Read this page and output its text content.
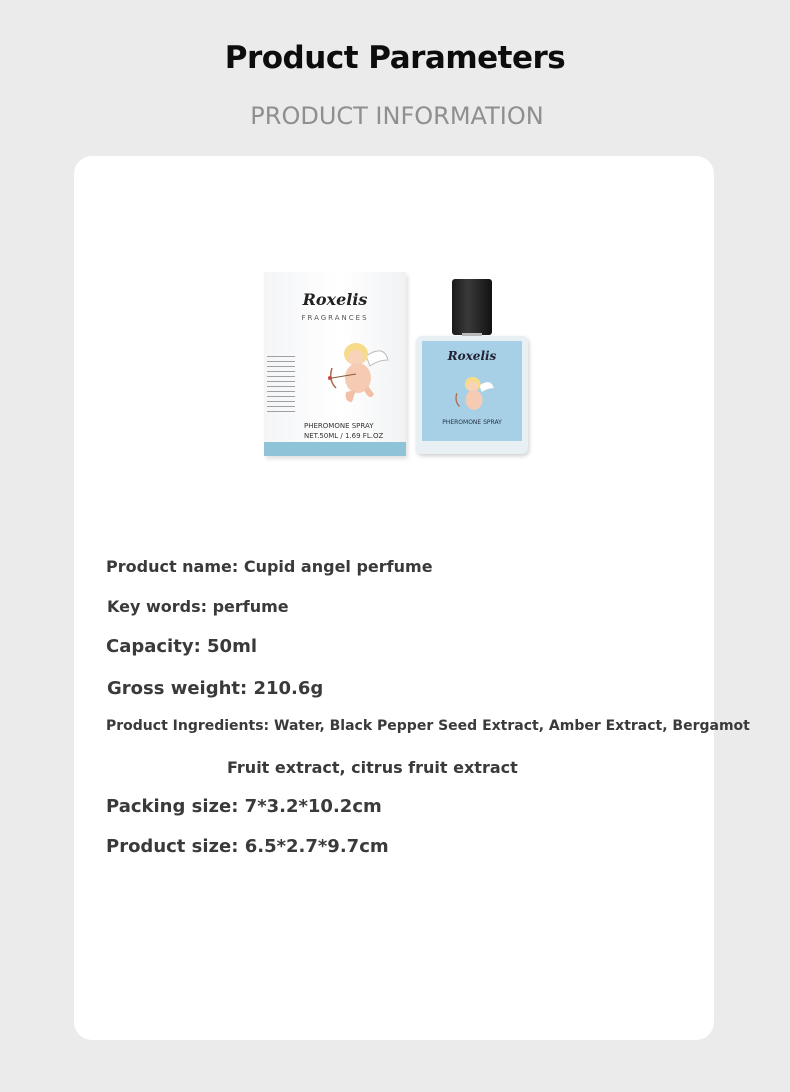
Product Parameters
PRODUCT INFORMATION
Roxelis
FRAGRANCES
PHEROMONE SPRAY
NET.50ML / 1.69 FL.OZ
Roxelis
PHEROMONE SPRAY
Product name: Cupid angel perfume
Key words: perfume
Capacity: 50ml
Gross weight: 210.6g
Product Ingredients: Water, Black Pepper Seed Extract, Amber Extract, Bergamot
Fruit extract, citrus fruit extract
Packing size: 7*3.2*10.2cm
Product size: 6.5*2.7*9.7cm
